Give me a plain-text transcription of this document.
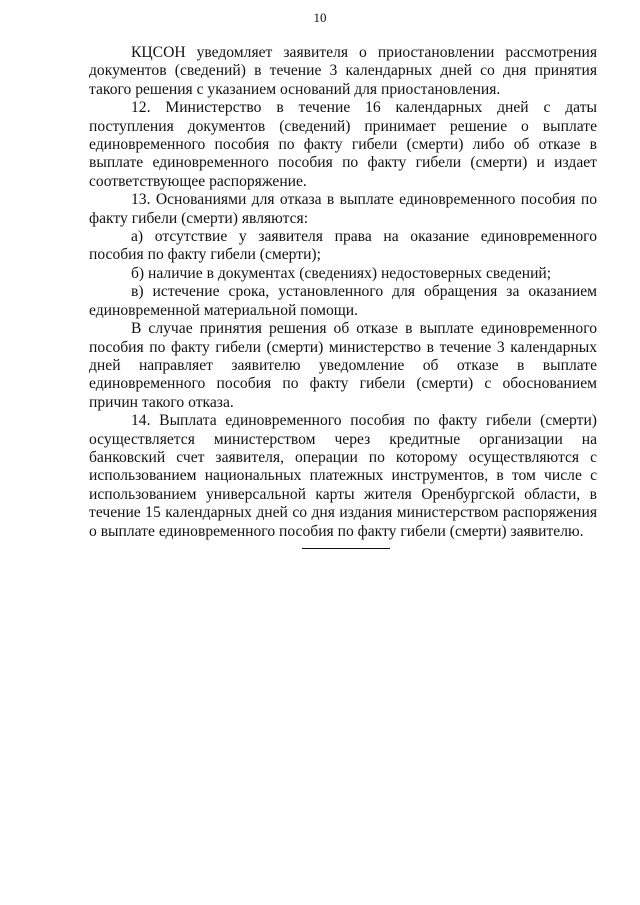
10

КЦСОН уведомляет заявителя о приостановлении рассмотрения документов (сведений) в течение 3 календарных дней со дня принятия такого решения с указанием оснований для приостановления.

12. Министерство в течение 16 календарных дней с даты поступления документов (сведений) принимает решение о выплате единовременного пособия по факту гибели (смерти) либо об отказе в выплате единовременного пособия по факту гибели (смерти) и издает соответствующее распоряжение.

13. Основаниями для отказа в выплате единовременного пособия по факту гибели (смерти) являются:

а) отсутствие у заявителя права на оказание единовременного пособия по факту гибели (смерти);

б) наличие в документах (сведениях) недостоверных сведений;

в) истечение срока, установленного для обращения за оказанием единовременной материальной помощи.

В случае принятия решения об отказе в выплате единовременного пособия по факту гибели (смерти) министерство в течение 3 календарных дней направляет заявителю уведомление об отказе в выплате единовременного пособия по факту гибели (смерти) с обоснованием причин такого отказа.

14. Выплата единовременного пособия по факту гибели (смерти) осуществляется министерством через кредитные организации на банковский счет заявителя, операции по которому осуществляются с использованием национальных платежных инструментов, в том числе с использованием универсальной карты жителя Оренбургской области, в течение 15 календарных дней со дня издания министерством распоряжения о выплате единовременного пособия по факту гибели (смерти) заявителю.
